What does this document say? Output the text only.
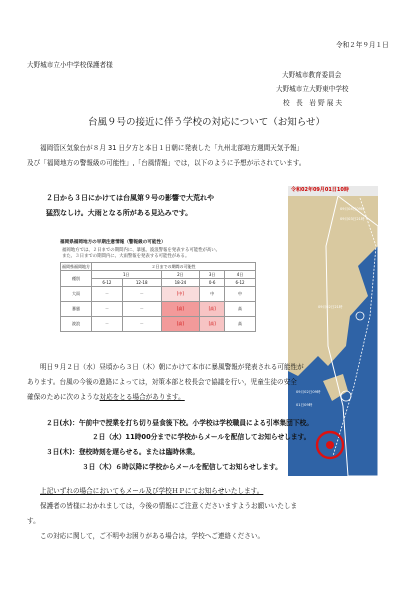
令和２年９月１日
大野城市立小中学校保護者様
大野城市教育委員会
大野城市立大野東中学校
校　長　岩 野 展 夫
台風９号の接近に伴う学校の対応について（お知らせ）
福岡管区気象台が８月 31 日夕方と本日１日朝に発表した「九州北部地方週間天気予報」
及び「福岡地方の警報級の可能性」,「台風情報」では，以下のように予想が示されています。
２日から３日にかけては台風第９号の影響で大荒れや
猛烈なしけ。大雨となる所がある見込みです。
福岡県福岡地方の早期注意情報（警報級の可能性）
福岡地方では、２日までの期間内に、暴風、波浪警報を発表する可能性が高い。
また、３日までの期間内に、大雨警報を発表する可能性がある。
福岡県福岡地方	２日までの期間の可能性				
種別	1日		2日	3日	4日
	6-12	12-18	18-24	0-6	6-12
大雨	－	－	[中]	中	中
暴風	－	－	[高]	[高]	高
波浪	－	－	[高]	[高]	高
令和02年09月01日10時
09月04日09時
09月03日21時
09月02日21時
09月02日09時
01日09時
明日９月２日（水）昼頃から３日（木）朝にかけて本市に暴風警報が発表される可能性が
あります。台風の今後の進路によっては，対策本部と校長会で協議を行い，児童生徒の安全
確保のために次のような対応をとる場合があります。
２日(水)：午前中で授業を打ち切り昼食後下校。小学校は学校職員による引率集団下校。
２日（水）11時00分までに学校からメールを配信してお知らせします。
３日(木)：登校時刻を遅らせる。または臨時休業。
３日（木）６時以降に学校からメールを配信してお知らせします。
上記いずれの場合においてもメール及び学校ＨＰにてお知らせいたします。
保護者の皆様におかれましては，今後の情報にご注意くださいますようお願いいたしま
す。
この対応に関して，ご不明やお困りがある場合は，学校へご連絡ください。
